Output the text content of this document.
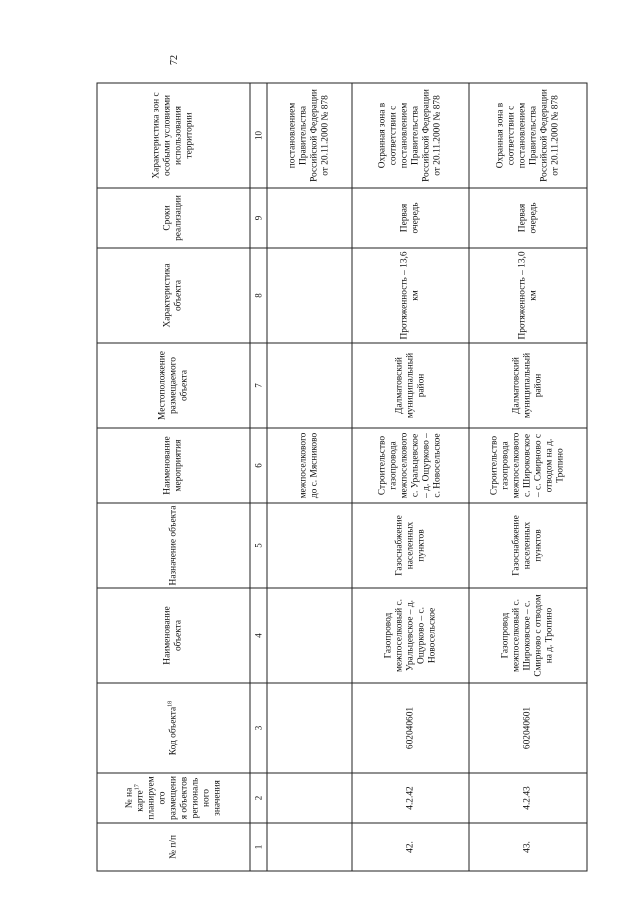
72
№ п/п	№ на карте$^{17}$ планируемого размещения объектов регионального значения	Код объекта$^{18}$	Наименование объекта	Назначение объекта	Наименование мероприятия	Местоположение размещаемого объекта	Характеристика объекта	Сроки реализации	Характеристика зон с особыми условиями использования территории
1	2	3	4	5	6	7	8	9	10
					межпоселкового до с. Мясниково				постановлением Правительства Российской Федерации от 20.11.2000 № 878
42.	4.2.42	602040601	Газопровод межпоселковый с. Уральцевское – д. Ощурково – с. Новосельское	Газоснабжение населенных пунктов	Строительство газопровода межпоселкового с. Уральцевское – д. Ощурково – с. Новосельское	Далматовский муниципальный район	Протяженность – 13,6 км	Первая очередь	Охранная зона в соответствии с постановлением Правительства Российской Федерации от 20.11.2000 № 878
43.	4.2.43	602040601	Газопровод межпоселковый с. Широковское – с. Смирново с отводом на д. Тропино	Газоснабжение населенных пунктов	Строительство газопровода межпоселкового с. Широковское – с. Смирново с отводом на д. Тропино	Далматовский муниципальный район	Протяженность – 13,0 км	Первая очередь	Охранная зона в соответствии с постановлением Правительства Российской Федерации от 20.11.2000 № 878
